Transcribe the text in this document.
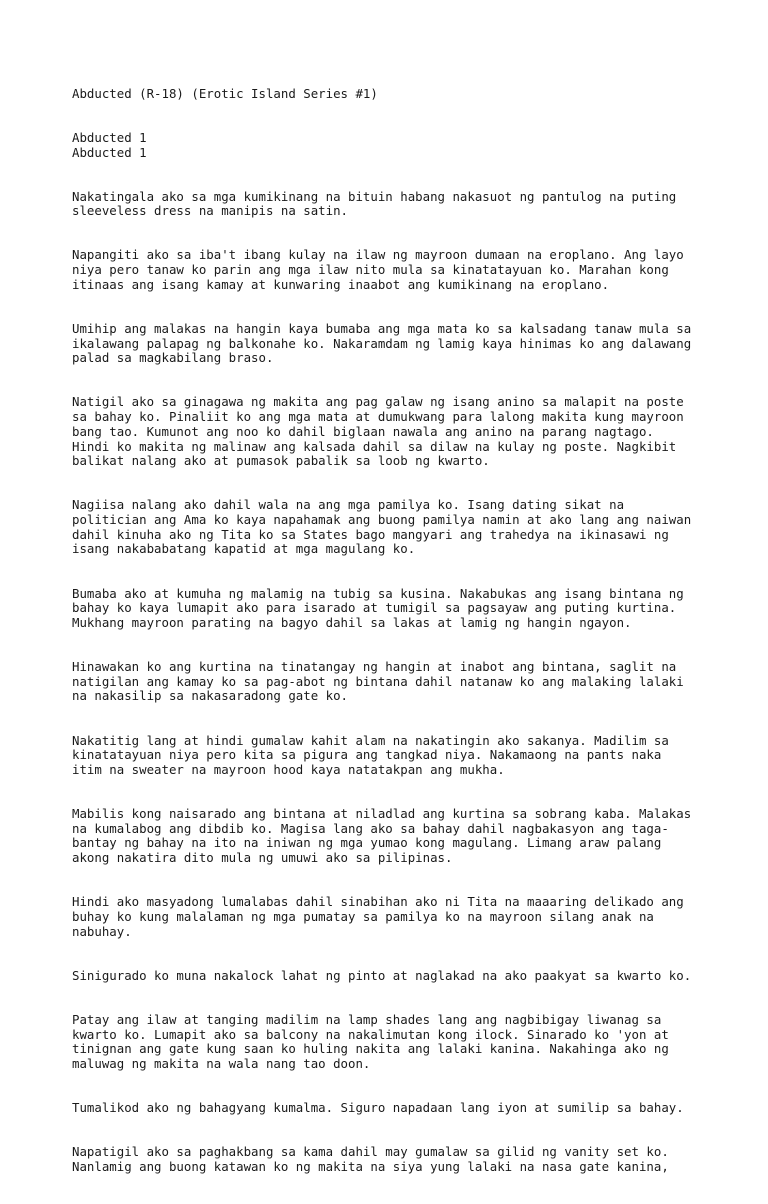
Abducted (R-18) (Erotic Island Series #1)

Abducted 1
Abducted 1

Nakatingala ako sa mga kumikinang na bituin habang nakasuot ng pantulog na puting
sleeveless dress na manipis na satin.

Napangiti ako sa iba't ibang kulay na ilaw ng mayroon dumaan na eroplano. Ang layo
niya pero tanaw ko parin ang mga ilaw nito mula sa kinatatayuan ko. Marahan kong
itinaas ang isang kamay at kunwaring inaabot ang kumikinang na eroplano.

Umihip ang malakas na hangin kaya bumaba ang mga mata ko sa kalsadang tanaw mula sa
ikalawang palapag ng balkonahe ko. Nakaramdam ng lamig kaya hinimas ko ang dalawang
palad sa magkabilang braso.

Natigil ako sa ginagawa ng makita ang pag galaw ng isang anino sa malapit na poste
sa bahay ko. Pinaliit ko ang mga mata at dumukwang para lalong makita kung mayroon
bang tao. Kumunot ang noo ko dahil biglaan nawala ang anino na parang nagtago.
Hindi ko makita ng malinaw ang kalsada dahil sa dilaw na kulay ng poste. Nagkibit
balikat nalang ako at pumasok pabalik sa loob ng kwarto.

Nagiisa nalang ako dahil wala na ang mga pamilya ko. Isang dating sikat na
politician ang Ama ko kaya napahamak ang buong pamilya namin at ako lang ang naiwan
dahil kinuha ako ng Tita ko sa States bago mangyari ang trahedya na ikinasawi ng
isang nakababatang kapatid at mga magulang ko.

Bumaba ako at kumuha ng malamig na tubig sa kusina. Nakabukas ang isang bintana ng
bahay ko kaya lumapit ako para isarado at tumigil sa pagsayaw ang puting kurtina.
Mukhang mayroon parating na bagyo dahil sa lakas at lamig ng hangin ngayon.

Hinawakan ko ang kurtina na tinatangay ng hangin at inabot ang bintana, saglit na
natigilan ang kamay ko sa pag-abot ng bintana dahil natanaw ko ang malaking lalaki
na nakasilip sa nakasaradong gate ko.

Nakatitig lang at hindi gumalaw kahit alam na nakatingin ako sakanya. Madilim sa
kinatatayuan niya pero kita sa pigura ang tangkad niya. Nakamaong na pants naka
itim na sweater na mayroon hood kaya natatakpan ang mukha.

Mabilis kong naisarado ang bintana at niladlad ang kurtina sa sobrang kaba. Malakas
na kumalabog ang dibdib ko. Magisa lang ako sa bahay dahil nagbakasyon ang taga-
bantay ng bahay na ito na iniwan ng mga yumao kong magulang. Limang araw palang
akong nakatira dito mula ng umuwi ako sa pilipinas.

Hindi ako masyadong lumalabas dahil sinabihan ako ni Tita na maaaring delikado ang
buhay ko kung malalaman ng mga pumatay sa pamilya ko na mayroon silang anak na
nabuhay.

Sinigurado ko muna nakalock lahat ng pinto at naglakad na ako paakyat sa kwarto ko.

Patay ang ilaw at tanging madilim na lamp shades lang ang nagbibigay liwanag sa
kwarto ko. Lumapit ako sa balcony na nakalimutan kong ilock. Sinarado ko 'yon at
tinignan ang gate kung saan ko huling nakita ang lalaki kanina. Nakahinga ako ng
maluwag ng makita na wala nang tao doon.

Tumalikod ako ng bahagyang kumalma. Siguro napadaan lang iyon at sumilip sa bahay.

Napatigil ako sa paghakbang sa kama dahil may gumalaw sa gilid ng vanity set ko.
Nanlamig ang buong katawan ko ng makita na siya yung lalaki na nasa gate kanina,
